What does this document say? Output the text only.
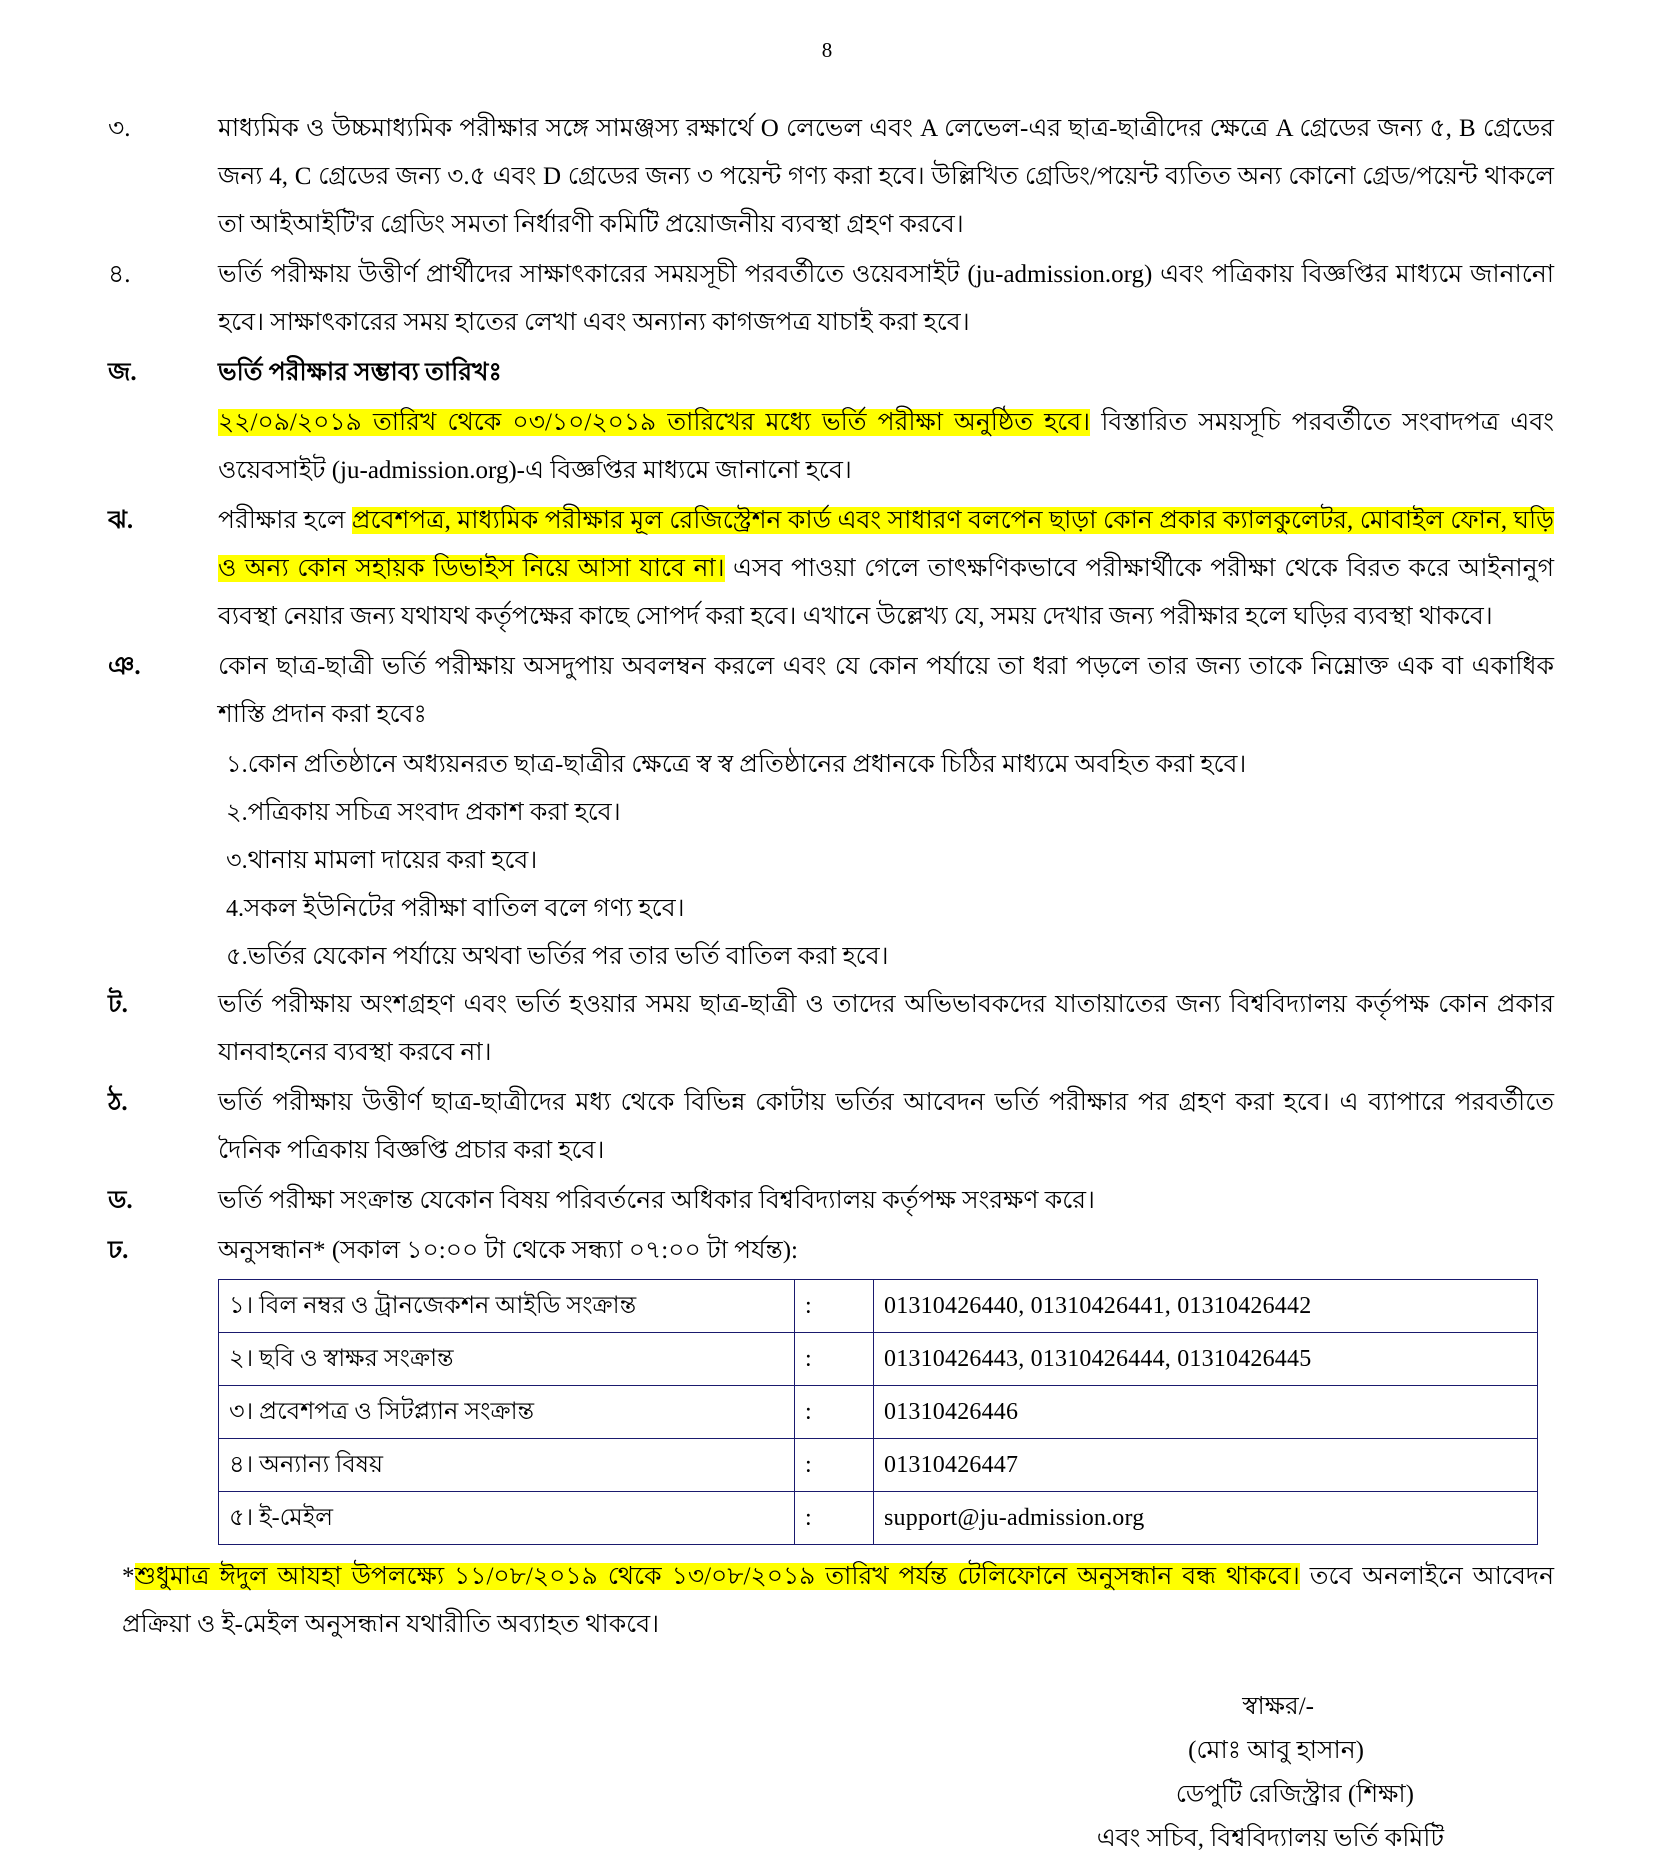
8
৩.	মাধ্যমিক ও উচ্চমাধ্যমিক পরীক্ষার সঙ্গে সামঞ্জস্য রক্ষার্থে O লেভেল এবং A লেভেল-এর ছাত্র-ছাত্রীদের ক্ষেত্রে A গ্রেডের জন্য ৫, B গ্রেডের জন্য 4, C গ্রেডের জন্য ৩.৫ এবং D গ্রেডের জন্য ৩ পয়েন্ট গণ্য করা হবে। উল্লিখিত গ্রেডিং/পয়েন্ট ব্যতিত অন্য কোনো গ্রেড/পয়েন্ট থাকলে তা আইআইটি'র গ্রেডিং সমতা নির্ধারণী কমিটি প্রয়োজনীয় ব্যবস্থা গ্রহণ করবে।
৪.	ভর্তি পরীক্ষায় উত্তীর্ণ প্রার্থীদের সাক্ষাৎকারের সময়সূচী পরবর্তীতে ওয়েবসাইট (ju-admission.org) এবং পত্রিকায় বিজ্ঞপ্তির মাধ্যমে জানানো হবে। সাক্ষাৎকারের সময় হাতের লেখা এবং অন্যান্য কাগজপত্র যাচাই করা হবে।
জ.	ভর্তি পরীক্ষার সম্ভাব্য তারিখঃ
২২/০৯/২০১৯ তারিখ থেকে ০৩/১০/২০১৯ তারিখের মধ্যে ভর্তি পরীক্ষা অনুষ্ঠিত হবে। বিস্তারিত সময়সূচি পরবর্তীতে সংবাদপত্র এবং ওয়েবসাইট (ju-admission.org)-এ বিজ্ঞপ্তির মাধ্যমে জানানো হবে।
ঝ.	পরীক্ষার হলে প্রবেশপত্র, মাধ্যমিক পরীক্ষার মূল রেজিস্ট্রেশন কার্ড এবং সাধারণ বলপেন ছাড়া কোন প্রকার ক্যালকুলেটর, মোবাইল ফোন, ঘড়ি ও অন্য কোন সহায়ক ডিভাইস নিয়ে আসা যাবে না। এসব পাওয়া গেলে তাৎক্ষণিকভাবে পরীক্ষার্থীকে পরীক্ষা থেকে বিরত করে আইনানুগ ব্যবস্থা নেয়ার জন্য যথাযথ কর্তৃপক্ষের কাছে সোপর্দ করা হবে। এখানে উল্লেখ্য যে, সময় দেখার জন্য পরীক্ষার হলে ঘড়ির ব্যবস্থা থাকবে।
ঞ.	কোন ছাত্র-ছাত্রী ভর্তি পরীক্ষায় অসদুপায় অবলম্বন করলে এবং যে কোন পর্যায়ে তা ধরা পড়লে তার জন্য তাকে নিম্নোক্ত এক বা একাধিক শাস্তি প্রদান করা হবেঃ
১. কোন প্রতিষ্ঠানে অধ্যয়নরত ছাত্র-ছাত্রীর ক্ষেত্রে স্ব স্ব প্রতিষ্ঠানের প্রধানকে চিঠির মাধ্যমে অবহিত করা হবে।
২. পত্রিকায় সচিত্র সংবাদ প্রকাশ করা হবে।
৩. থানায় মামলা দায়ের করা হবে।
4. সকল ইউনিটের পরীক্ষা বাতিল বলে গণ্য হবে।
৫. ভর্তির যেকোন পর্যায়ে অথবা ভর্তির পর তার ভর্তি বাতিল করা হবে।
ট.	ভর্তি পরীক্ষায় অংশগ্রহণ এবং ভর্তি হওয়ার সময় ছাত্র-ছাত্রী ও তাদের অভিভাবকদের যাতায়াতের জন্য বিশ্ববিদ্যালয় কর্তৃপক্ষ কোন প্রকার যানবাহনের ব্যবস্থা করবে না।
ঠ.	ভর্তি পরীক্ষায় উত্তীর্ণ ছাত্র-ছাত্রীদের মধ্য থেকে বিভিন্ন কোটায় ভর্তির আবেদন ভর্তি পরীক্ষার পর গ্রহণ করা হবে। এ ব্যাপারে পরবর্তীতে দৈনিক পত্রিকায় বিজ্ঞপ্তি প্রচার করা হবে।
ড.	ভর্তি পরীক্ষা সংক্রান্ত যেকোন বিষয় পরিবর্তনের অধিকার বিশ্ববিদ্যালয় কর্তৃপক্ষ সংরক্ষণ করে।
ঢ.	অনুসন্ধান* (সকাল ১০:০০ টা থেকে সন্ধ্যা ০৭:০০ টা পর্যন্ত):
১। বিল নম্বর ও ট্রানজেকশন আইডি সংক্রান্ত	:	01310426440, 01310426441, 01310426442
২। ছবি ও স্বাক্ষর সংক্রান্ত	:	01310426443, 01310426444, 01310426445
৩। প্রবেশপত্র ও সিটপ্ল্যান সংক্রান্ত	:	01310426446
৪। অন্যান্য বিষয়	:	01310426447
৫। ই-মেইল	:	support@ju-admission.org
*শুধুমাত্র ঈদুল আযহা উপলক্ষ্যে ১১/০৮/২০১৯ থেকে ১৩/০৮/২০১৯ তারিখ পর্যন্ত টেলিফোনে অনুসন্ধান বন্ধ থাকবে। তবে অনলাইনে আবেদন প্রক্রিয়া ও ই-মেইল অনুসন্ধান যথারীতি অব্যাহত থাকবে।
স্বাক্ষর/-
(মোঃ আবু হাসান)
ডেপুটি রেজিস্ট্রার (শিক্ষা)
এবং সচিব, বিশ্ববিদ্যালয় ভর্তি কমিটি
